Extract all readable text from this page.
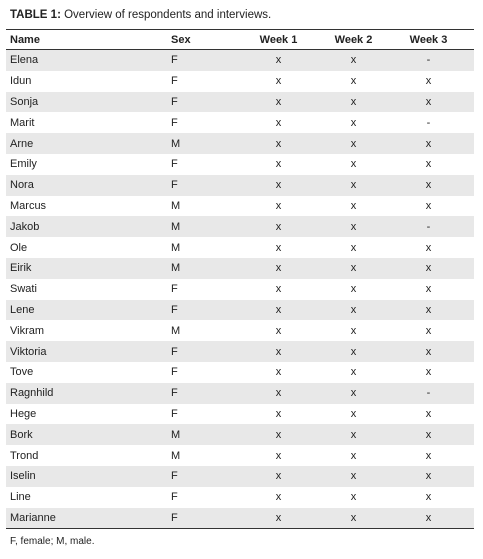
TABLE 1: Overview of respondents and interviews.
Name	Sex	Week 1	Week 2	Week 3
Elena	F	x	x	-
Idun	F	x	x	x
Sonja	F	x	x	x
Marit	F	x	x	-
Arne	M	x	x	x
Emily	F	x	x	x
Nora	F	x	x	x
Marcus	M	x	x	x
Jakob	M	x	x	-
Ole	M	x	x	x
Eirik	M	x	x	x
Swati	F	x	x	x
Lene	F	x	x	x
Vikram	M	x	x	x
Viktoria	F	x	x	x
Tove	F	x	x	x
Ragnhild	F	x	x	-
Hege	F	x	x	x
Bork	M	x	x	x
Trond	M	x	x	x
Iselin	F	x	x	x
Line	F	x	x	x
Marianne	F	x	x	x
F, female; M, male.
